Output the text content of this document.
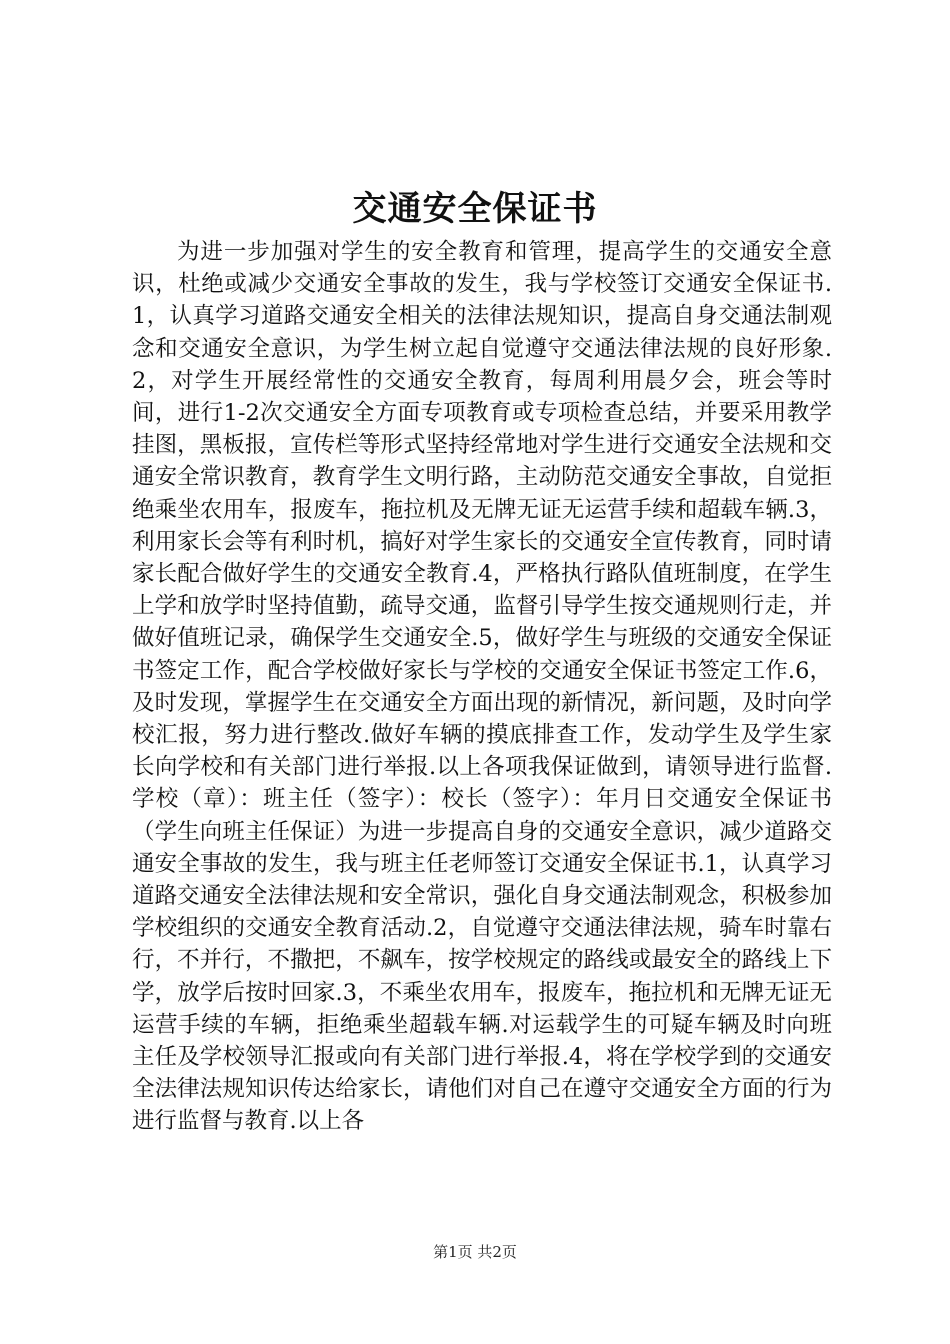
交通安全保证书

为进一步加强对学生的安全教育和管理，提高学生的交通安全意识，杜绝或减少交通安全事故的发生，我与学校签订交通安全保证书.1，认真学习道路交通安全相关的法律法规知识，提高自身交通法制观念和交通安全意识，为学生树立起自觉遵守交通法律法规的良好形象.2，对学生开展经常性的交通安全教育，每周利用晨夕会，班会等时间，进行1-2次交通安全方面专项教育或专项检查总结，并要采用教学挂图，黑板报，宣传栏等形式坚持经常地对学生进行交通安全法规和交通安全常识教育，教育学生文明行路，主动防范交通安全事故，自觉拒绝乘坐农用车，报废车，拖拉机及无牌无证无运营手续和超载车辆.3，利用家长会等有利时机，搞好对学生家长的交通安全宣传教育，同时请家长配合做好学生的交通安全教育.4，严格执行路队值班制度，在学生上学和放学时坚持值勤，疏导交通，监督引导学生按交通规则行走，并做好值班记录，确保学生交通安全.5，做好学生与班级的交通安全保证书签定工作，配合学校做好家长与学校的交通安全保证书签定工作.6，及时发现，掌握学生在交通安全方面出现的新情况，新问题，及时向学校汇报，努力进行整改.做好车辆的摸底排查工作，发动学生及学生家长向学校和有关部门进行举报.以上各项我保证做到，请领导进行监督.学校（章）：班主任（签字）：校长（签字）：年月日交通安全保证书（学生向班主任保证）为进一步提高自身的交通安全意识，减少道路交通安全事故的发生，我与班主任老师签订交通安全保证书.1，认真学习道路交通安全法律法规和安全常识，强化自身交通法制观念，积极参加学校组织的交通安全教育活动.2，自觉遵守交通法律法规，骑车时靠右行，不并行，不撒把，不飙车，按学校规定的路线或最安全的路线上下学，放学后按时回家.3，不乘坐农用车，报废车，拖拉机和无牌无证无运营手续的车辆，拒绝乘坐超载车辆.对运载学生的可疑车辆及时向班主任及学校领导汇报或向有关部门进行举报.4，将在学校学到的交通安全法律法规知识传达给家长，请他们对自己在遵守交通安全方面的行为进行监督与教育.以上各

第1页 共2页
